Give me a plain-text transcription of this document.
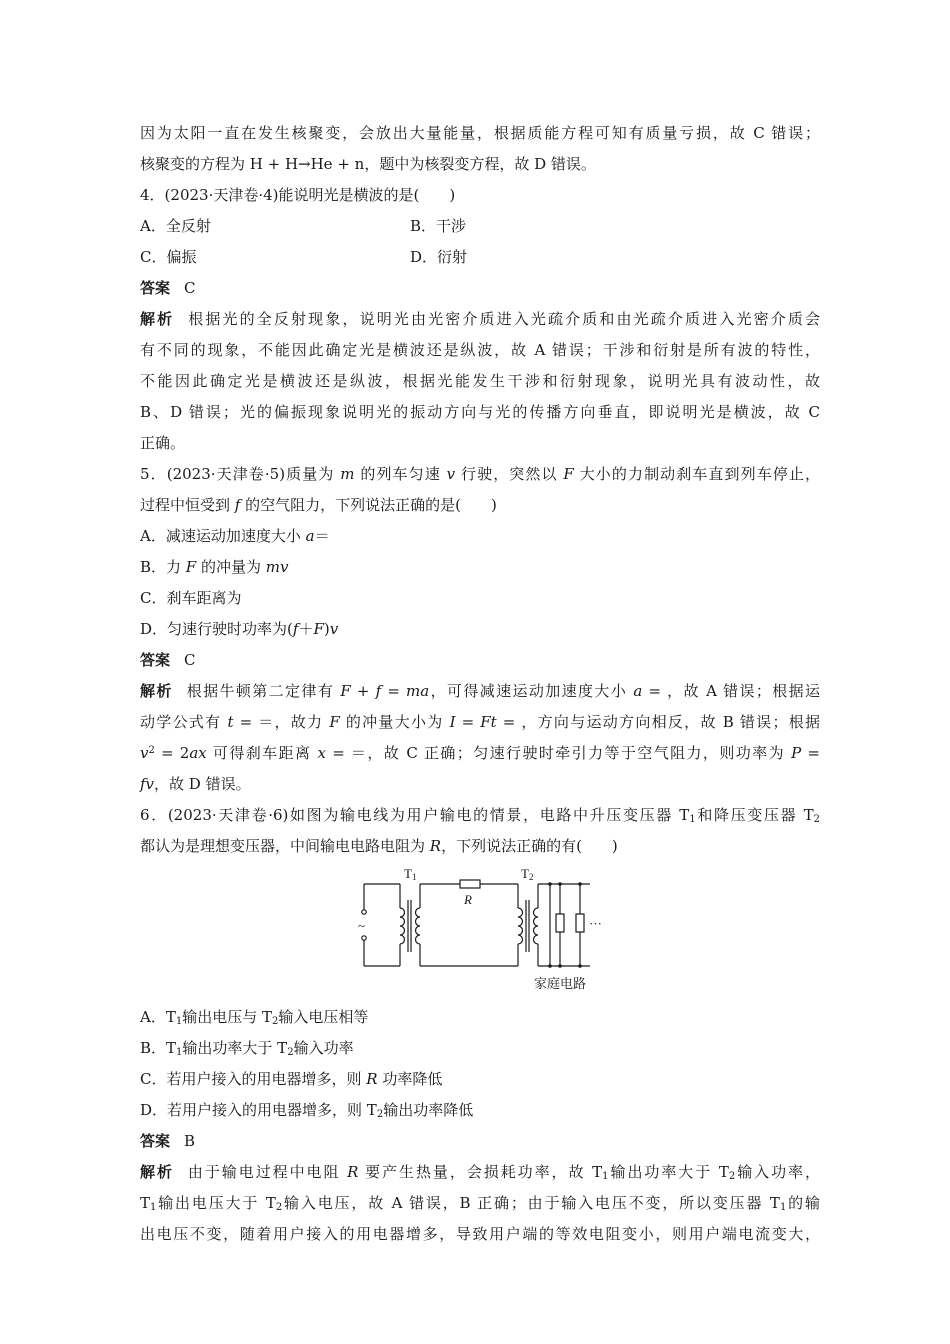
因为太阳一直在发生核聚变，会放出大量能量，根据质能方程可知有质量亏损，故 C 错误；
核聚变的方程为 H + H→He + n，题中为核裂变方程，故 D 错误。
4．(2023·天津卷·4)能说明光是横波的是(　　)
A．全反射	B．干涉
C．偏振	D．衍射
答案 C
解析 根据光的全反射现象，说明光由光密介质进入光疏介质和由光疏介质进入光密介质会
有不同的现象，不能因此确定光是横波还是纵波，故 A 错误；干涉和衍射是所有波的特性，
不能因此确定光是横波还是纵波，根据光能发生干涉和衍射现象，说明光具有波动性，故
B、D 错误；光的偏振现象说明光的振动方向与光的传播方向垂直，即说明光是横波，故 C
正确。
5．(2023·天津卷·5)质量为 m 的列车匀速 v 行驶，突然以 F 大小的力制动刹车直到列车停止，
过程中恒受到 f 的空气阻力，下列说法正确的是(　　)
A．减速运动加速度大小 a＝
B．力 F 的冲量为 mv
C．刹车距离为
D．匀速行驶时功率为(f＋F)v
答案 C
解析 根据牛顿第二定律有 F + f = ma，可得减速运动加速度大小 a = ，故 A 错误；根据运
动学公式有 t = ＝，故力 F 的冲量大小为 I = Ft = ，方向与运动方向相反，故 B 错误；根据
$v^2 = 2ax$ 可得刹车距离 x = ＝，故 C 正确；匀速行驶时牵引力等于空气阻力，则功率为 P =
fv，故 D 错误。
6．(2023·天津卷·6)如图为输电线为用户输电的情景，电路中升压变压器 $T_1$和降压变压器 $T_2$
都认为是理想变压器，中间输电电路电阻为 R，下列说法正确的有(　　)
~
T1
R
T2
···
家庭电路
A．$T_1$输出电压与 $T_2$输入电压相等
B．$T_1$输出功率大于 $T_2$输入功率
C．若用户接入的用电器增多，则 R 功率降低
D．若用户接入的用电器增多，则 $T_2$输出功率降低
答案 B
解析 由于输电过程中电阻 R 要产生热量，会损耗功率，故 $T_1$输出功率大于 $T_2$输入功率，
$T_1$输出电压大于 $T_2$输入电压，故 A 错误，B 正确；由于输入电压不变，所以变压器 $T_1$的输
出电压不变，随着用户接入的用电器增多，导致用户端的等效电阻变小，则用户端电流变大，
